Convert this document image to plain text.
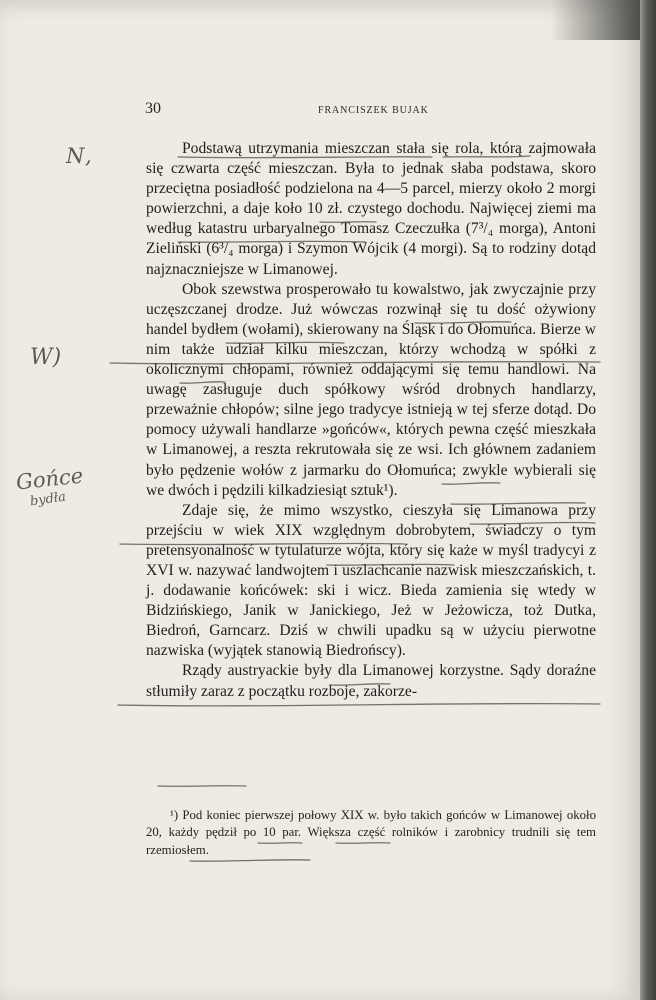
30	FRANCISZEK BUJAK

Podstawą utrzymania mieszczan stała się rola, którą zajmowała się czwarta część mieszczan. Była to jednak słaba podstawa, skoro przeciętna posiadłość podzielona na 4—5 parcel, mierzy około 2 morgi powierzchni, a daje koło 10 zł. czystego dochodu. Najwięcej ziemi ma według katastru urbaryalnego Tomasz Czeczułka (7³/₄ morga), Antoni Zieliński (6³/₄ morga) i Szymon Wójcik (4 morgi). Są to rodziny dotąd najznaczniejsze w Limanowej.

Obok szewstwa prosperowało tu kowalstwo, jak zwyczajnie przy uczęszczanej drodze. Już wówczas rozwinął się tu dość ożywiony handel bydłem (wołami), skierowany na Śląsk i do Ołomuńca. Bierze w nim także udział kilku mieszczan, którzy wchodzą w spółki z okolicznymi chłopami, również oddającymi się temu handlowi. Na uwagę zasługuje duch spółkowy wśród drobnych handlarzy, przeważnie chłopów; silne jego tradycye istnieją w tej sferze dotąd. Do pomocy używali handlarze »gońców«, których pewna część mieszkała w Limanowej, a reszta rekrutowała się ze wsi. Ich głównem zadaniem było pędzenie wołów z jarmarku do Ołomuńca; zwykle wybierali się we dwóch i pędzili kilkadziesiąt sztuk¹).

Zdaje się, że mimo wszystko, cieszyła się Limanowa przy przejściu w wiek XIX względnym dobrobytem, świadczy o tym pretensyonalność w tytulaturze wójta, który się każe w myśl tradycyi z XVI w. nazywać landwojtem i uszlachcanie nazwisk mieszczańskich, t. j. dodawanie końcówek: ski i wicz. Bieda zamienia się wtedy w Bidzińskiego, Janik w Janickiego, Jeż w Jeżowicza, toż Dutka, Biedroń, Garncarz. Dziś w chwili upadku są w użyciu pierwotne nazwiska (wyjątek stanowią Biedrońscy).

Rządy austryackie były dla Limanowej korzystne. Sądy doraźne stłumiły zaraz z początku rozboje, zakorze-

¹) Pod koniec pierwszej połowy XIX w. było takich gońców w Limanowej około 20, każdy pędził po 10 par. Większa część rolników i zarobnicy trudnili się tem rzemiosłem.

N,
W)
Gońce
bydła
